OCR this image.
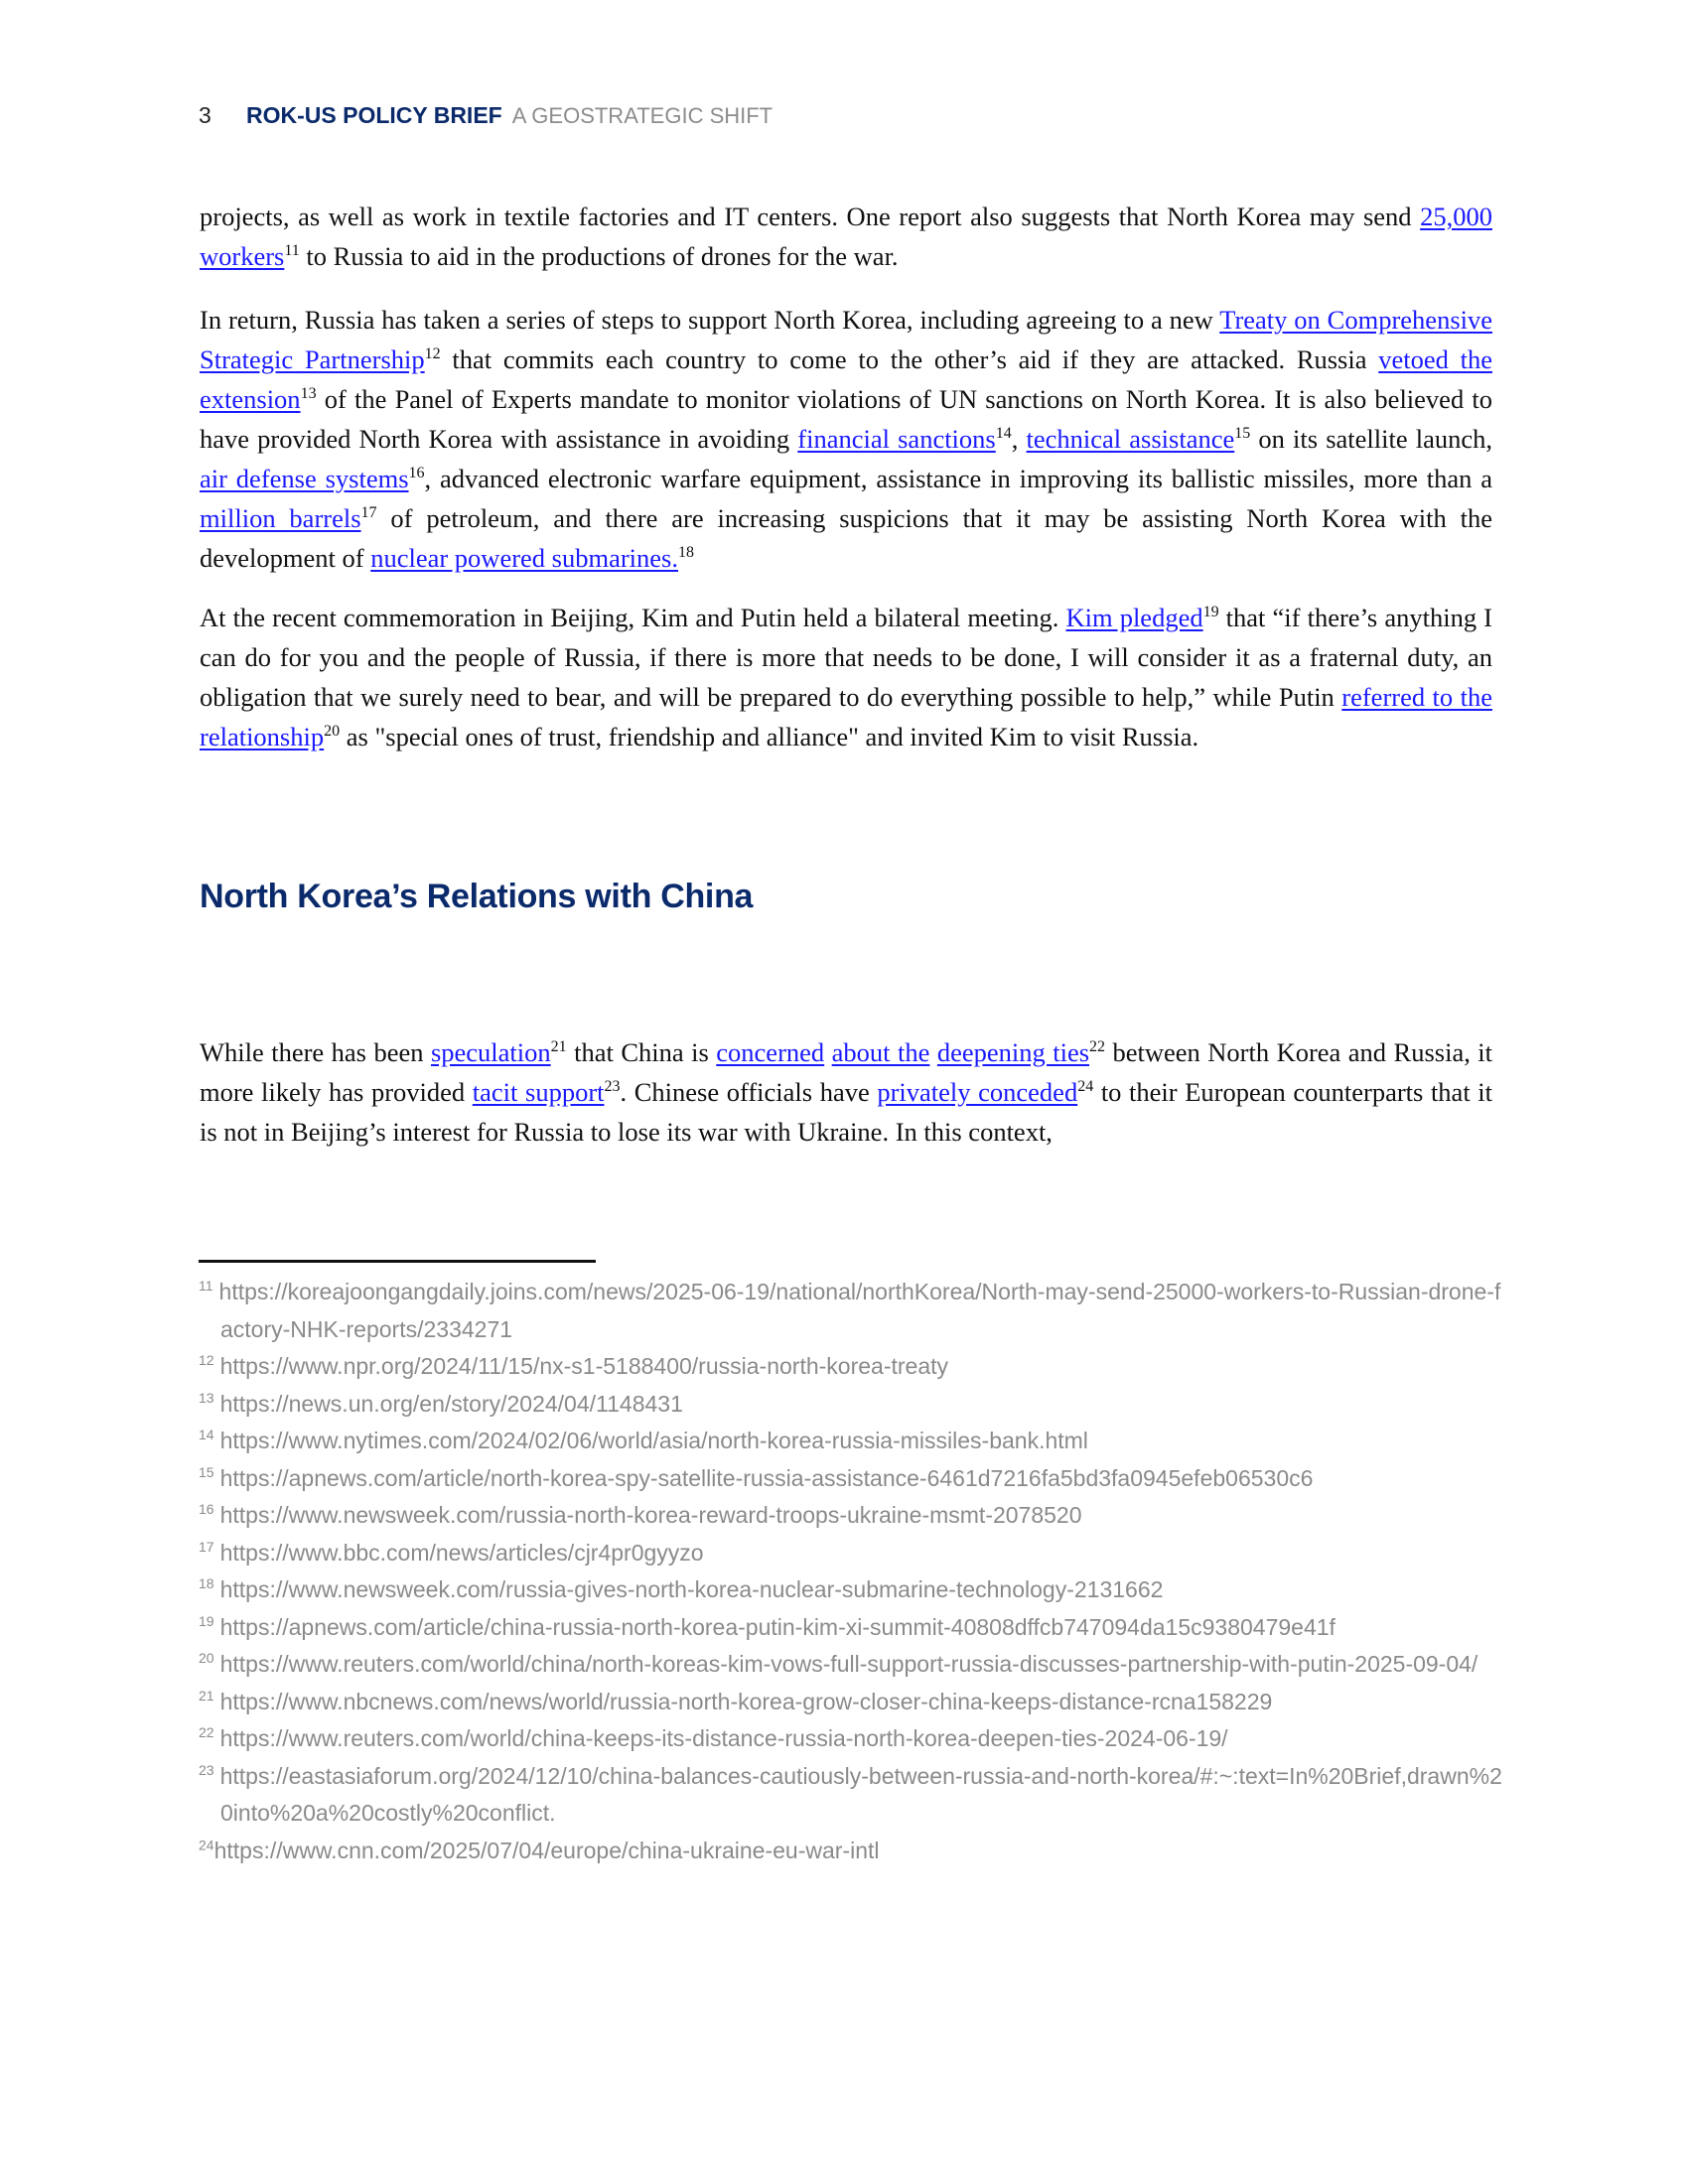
3 ROK-US POLICY BRIEF A GEOSTRATEGIC SHIFT

projects, as well as work in textile factories and IT centers. One report also suggests that North Korea may send 25,000 workers$^{11}$ to Russia to aid in the productions of drones for the war.

In return, Russia has taken a series of steps to support North Korea, including agreeing to a new Treaty on Comprehensive Strategic Partnership$^{12}$ that commits each country to come to the other’s aid if they are attacked. Russia vetoed the extension$^{13}$ of the Panel of Experts mandate to monitor violations of UN sanctions on North Korea. It is also believed to have provided North Korea with assistance in avoiding financial sanctions$^{14}$, technical assistance$^{15}$ on its satellite launch, air defense systems$^{16}$, advanced electronic warfare equipment, assistance in improving its ballistic missiles, more than a million barrels$^{17}$ of petroleum, and there are increasing suspicions that it may be assisting North Korea with the development of nuclear powered submarines.$^{18}$

At the recent commemoration in Beijing, Kim and Putin held a bilateral meeting. Kim pledged$^{19}$ that “if there’s anything I can do for you and the people of Russia, if there is more that needs to be done, I will consider it as a fraternal duty, an obligation that we surely need to bear, and will be prepared to do everything possible to help,” while Putin referred to the relationship$^{20}$ as "special ones of trust, friendship and alliance" and invited Kim to visit Russia.

North Korea’s Relations with China

While there has been speculation$^{21}$ that China is concerned about the deepening ties$^{22}$ between North Korea and Russia, it more likely has provided tacit support$^{23}$. Chinese officials have privately conceded$^{24}$ to their European counterparts that it is not in Beijing’s interest for Russia to lose its war with Ukraine. In this context,

$^{11}$ https://koreajoongangdaily.joins.com/news/2025-06-19/national/northKorea/North-may-send-25000-workers-to-Russian-drone-factory-NHK-reports/2334271
$^{12}$ https://www.npr.org/2024/11/15/nx-s1-5188400/russia-north-korea-treaty
$^{13}$ https://news.un.org/en/story/2024/04/1148431
$^{14}$ https://www.nytimes.com/2024/02/06/world/asia/north-korea-russia-missiles-bank.html
$^{15}$ https://apnews.com/article/north-korea-spy-satellite-russia-assistance-6461d7216fa5bd3fa0945efeb06530c6
$^{16}$ https://www.newsweek.com/russia-north-korea-reward-troops-ukraine-msmt-2078520
$^{17}$ https://www.bbc.com/news/articles/cjr4pr0gyyzo
$^{18}$ https://www.newsweek.com/russia-gives-north-korea-nuclear-submarine-technology-2131662
$^{19}$ https://apnews.com/article/china-russia-north-korea-putin-kim-xi-summit-40808dffcb747094da15c9380479e41f
$^{20}$ https://www.reuters.com/world/china/north-koreas-kim-vows-full-support-russia-discusses-partnership-with-putin-2025-09-04/
$^{21}$ https://www.nbcnews.com/news/world/russia-north-korea-grow-closer-china-keeps-distance-rcna158229
$^{22}$ https://www.reuters.com/world/china-keeps-its-distance-russia-north-korea-deepen-ties-2024-06-19/
$^{23}$ https://eastasiaforum.org/2024/12/10/china-balances-cautiously-between-russia-and-north-korea/#:~:text=In%20Brief,drawn%20into%20a%20costly%20conflict.
$^{24}$https://www.cnn.com/2025/07/04/europe/china-ukraine-eu-war-intl
